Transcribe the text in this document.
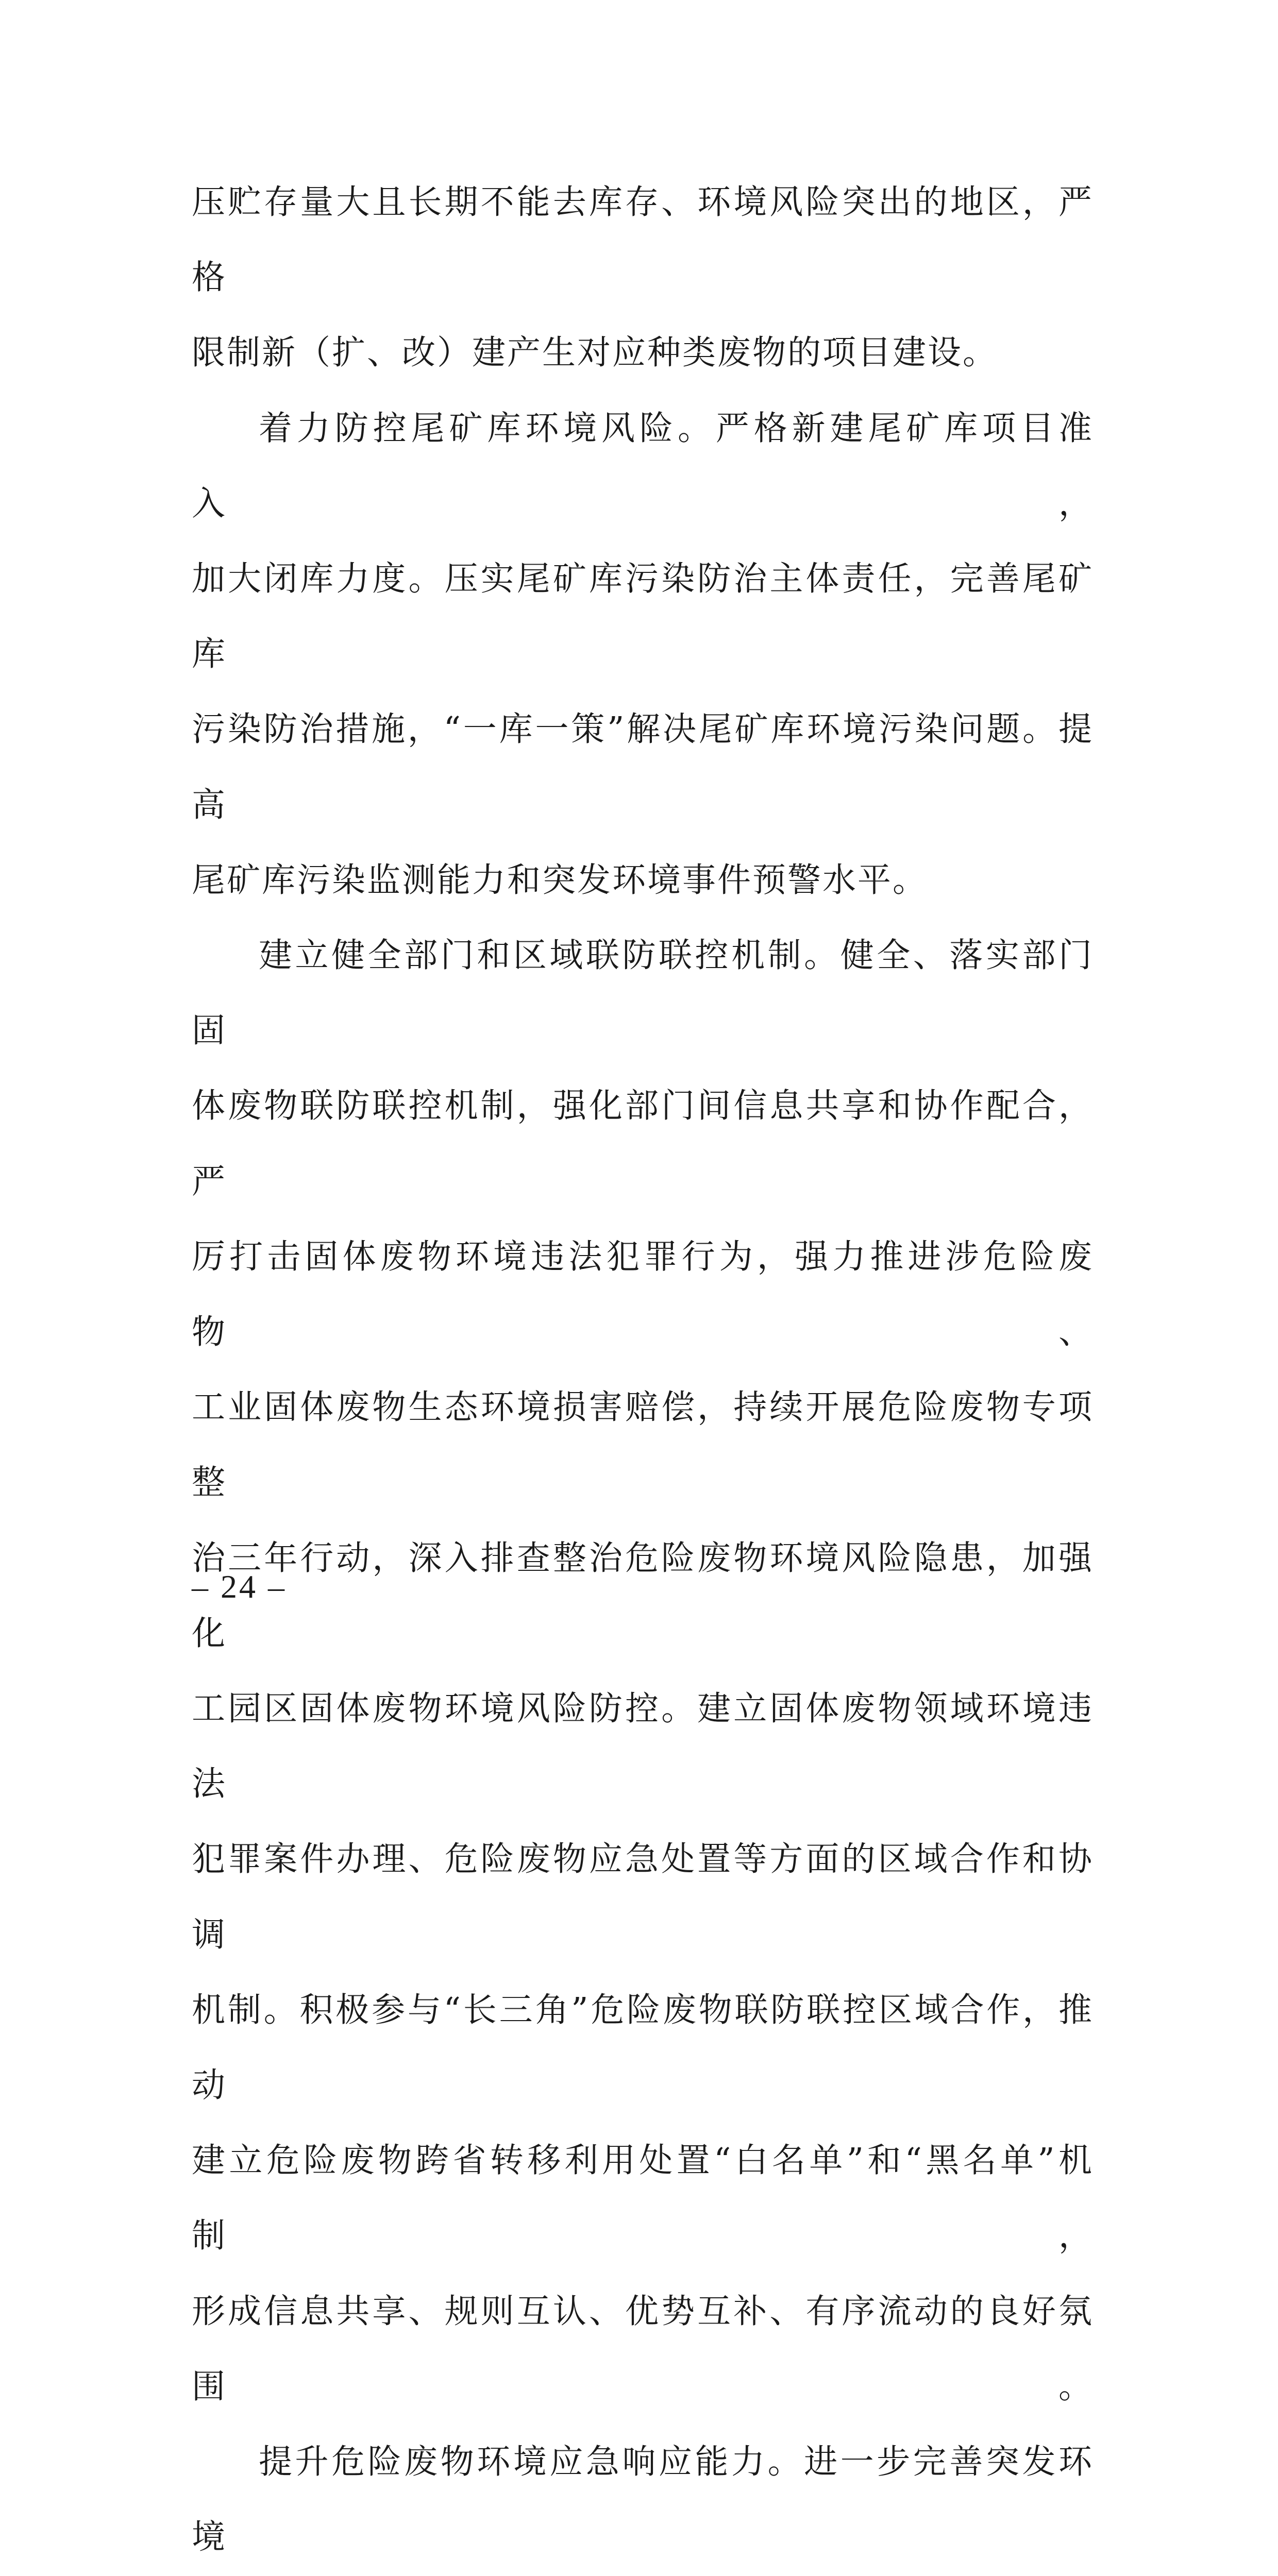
压贮存量大且长期不能去库存、环境风险突出的地区，严格

限制新（扩、改）建产生对应种类废物的项目建设。

着力防控尾矿库环境风险。严格新建尾矿库项目准入，

加大闭库力度。压实尾矿库污染防治主体责任，完善尾矿库

污染防治措施，“一库一策”解决尾矿库环境污染问题。提高

尾矿库污染监测能力和突发环境事件预警水平。

建立健全部门和区域联防联控机制。健全、落实部门固

体废物联防联控机制，强化部门间信息共享和协作配合，严

厉打击固体废物环境违法犯罪行为，强力推进涉危险废物、

工业固体废物生态环境损害赔偿，持续开展危险废物专项整

治三年行动，深入排查整治危险废物环境风险隐患，加强化

工园区固体废物环境风险防控。建立固体废物领域环境违法

犯罪案件办理、危险废物应急处置等方面的区域合作和协调

机制。积极参与“长三角”危险废物联防联控区域合作，推动

建立危险废物跨省转移利用处置“白名单”和“黑名单”机制，

形成信息共享、规则互认、优势互补、有序流动的良好氛围。

提升危险废物环境应急响应能力。进一步完善突发环境

– 24 –
